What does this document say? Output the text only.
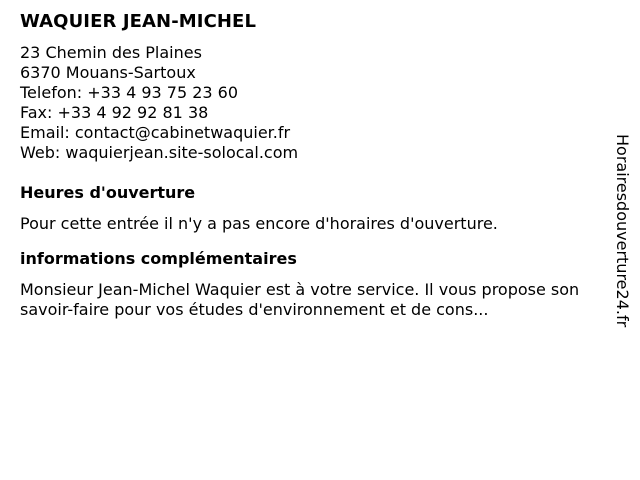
WAQUIER JEAN-MICHEL

23 Chemin des Plaines

6370 Mouans-Sartoux

Telefon: +33 4 93 75 23 60

Fax: +33 4 92 92 81 38

Email: contact@cabinetwaquier.fr

Web: waquierjean.site-solocal.com

Heures d'ouverture

Pour cette entrée il n'y a pas encore d'horaires d'ouverture.

informations complémentaires

Monsieur Jean-Michel Waquier est à votre service. Il vous propose son savoir-faire pour vos études d'environnement et de cons...	Horairesdouverture24.fr
